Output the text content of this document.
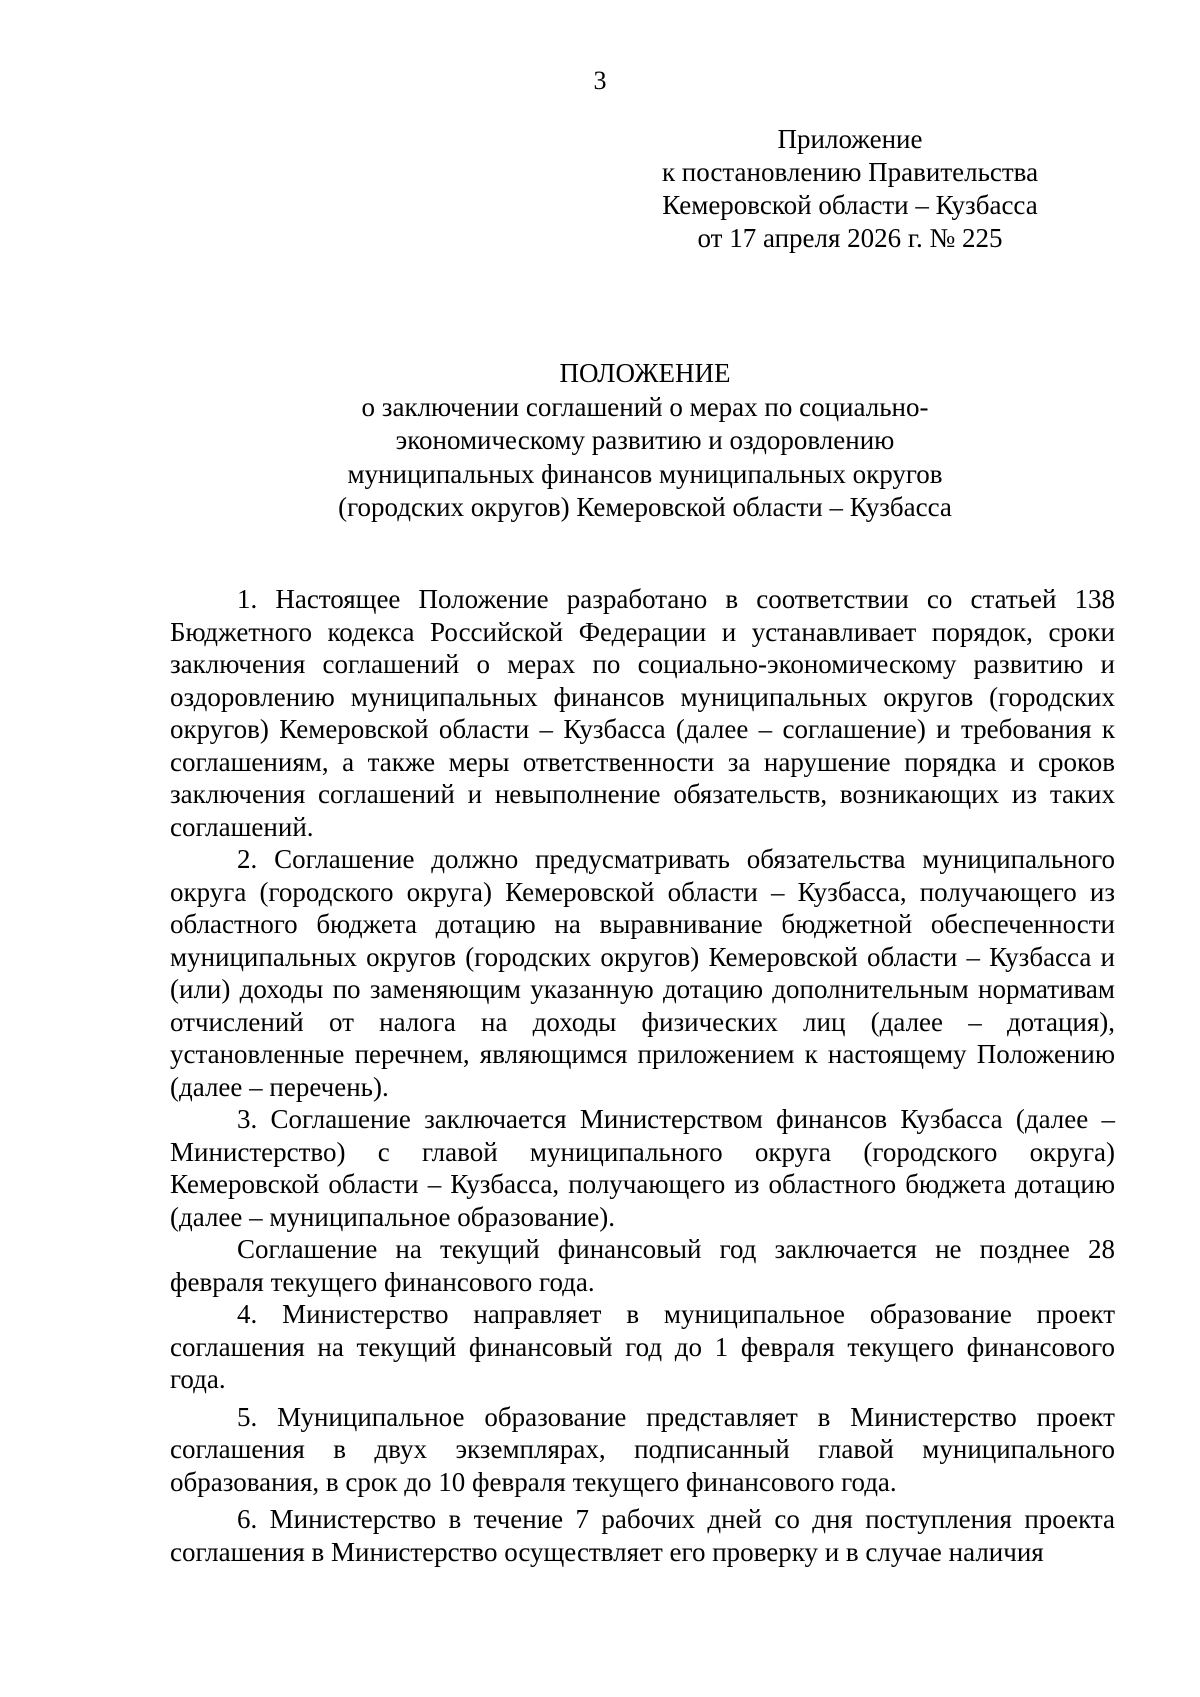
3
Приложение
к постановлению Правительства
Кемеровской области – Кузбасса
от 17 апреля 2026 г. № 225
ПОЛОЖЕНИЕ
о заключении соглашений о мерах по социально-
экономическому развитию и оздоровлению
муниципальных финансов муниципальных округов
(городских округов) Кемеровской области – Кузбасса

1. Настоящее Положение разработано в соответствии со статьей 138 Бюджетного кодекса Российской Федерации и устанавливает порядок, сроки заключения соглашений о мерах по социально-экономическому развитию и оздоровлению муниципальных финансов муниципальных округов (городских округов) Кемеровской области – Кузбасса (далее – соглашение) и требования к соглашениям, а также меры ответственности за нарушение порядка и сроков заключения соглашений и невыполнение обязательств, возникающих из таких соглашений.

2. Соглашение должно предусматривать обязательства муниципального округа (городского округа) Кемеровской области – Кузбасса, получающего из областного бюджета дотацию на выравнивание бюджетной обеспеченности муниципальных округов (городских округов) Кемеровской области – Кузбасса и (или) доходы по заменяющим указанную дотацию дополнительным нормативам отчислений от налога на доходы физических лиц (далее – дотация), установленные перечнем, являющимся приложением к настоящему Положению (далее – перечень).

3. Соглашение заключается Министерством финансов Кузбасса (далее – Министерство) с главой муниципального округа (городского округа) Кемеровской области – Кузбасса, получающего из областного бюджета дотацию (далее – муниципальное образование).

Соглашение на текущий финансовый год заключается не позднее 28 февраля текущего финансового года.

4. Министерство направляет в муниципальное образование проект соглашения на текущий финансовый год до 1 февраля текущего финансового года.

5. Муниципальное образование представляет в Министерство проект соглашения в двух экземплярах, подписанный главой муниципального образования, в срок до 10 февраля текущего финансового года.

6. Министерство в течение 7 рабочих дней со дня поступления проекта соглашения в Министерство осуществляет его проверку и в случае наличия
